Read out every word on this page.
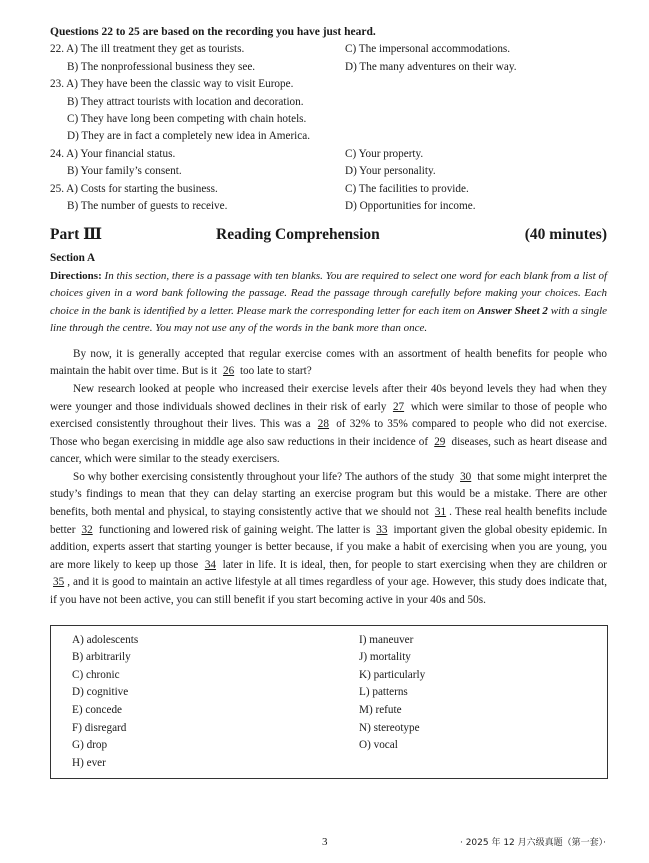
Questions 22 to 25 are based on the recording you have just heard.
22. A) The ill treatment they get as tourists.	C) The impersonal accommodations.
B) The nonprofessional business they see.	D) The many adventures on their way.
23. A) They have been the classic way to visit Europe.
B) They attract tourists with location and decoration.
C) They have long been competing with chain hotels.
D) They are in fact a completely new idea in America.
24. A) Your financial status.	C) Your property.
B) Your family’s consent.	D) Your personality.
25. A) Costs for starting the business.	C) The facilities to provide.
B) The number of guests to receive.	D) Opportunities for income.
Part Ⅲ	Reading Comprehension	(40 minutes)
Section A
Directions: In this section, there is a passage with ten blanks. You are required to select one word for each blank from a list of choices given in a word bank following the passage. Read the passage through carefully before making your choices. Each choice in the bank is identified by a letter. Please mark the corresponding letter for each item on Answer Sheet 2 with a single line through the centre. You may not use any of the words in the bank more than once.

By now, it is generally accepted that regular exercise comes with an assortment of health benefits for people who maintain the habit over time. But is it 26 too late to start?

New research looked at people who increased their exercise levels after their 40s beyond levels they had when they were younger and those individuals showed declines in their risk of early 27 which were similar to those of people who exercised consistently throughout their lives. This was a 28 of 32% to 35% compared to people who did not exercise. Those who began exercising in middle age also saw reductions in their incidence of 29 diseases, such as heart disease and cancer, which were similar to the steady exercisers.

So why bother exercising consistently throughout your life? The authors of the study 30 that some might interpret the study’s findings to mean that they can delay starting an exercise program but this would be a mistake. There are other benefits, both mental and physical, to staying consistently active that we should not 31 . These real health benefits include better 32 functioning and lowered risk of gaining weight. The latter is 33 important given the global obesity epidemic. In addition, experts assert that starting younger is better because, if you make a habit of exercising when you are young, you are more likely to keep up those 34 later in life. It is ideal, then, for people to start exercising when they are children or 35 , and it is good to maintain an active lifestyle at all times regardless of your age. However, this study does indicate that, if you have not been active, you can still benefit if you start becoming active in your 40s and 50s.

A) adolescents
B) arbitrarily
C) chronic
D) cognitive
E) concede
F) disregard
G) drop
H) ever
I) maneuver
J) mortality
K) particularly
L) patterns
M) refute
N) stereotype
O) vocal
3	· 2025 年 12 月六级真题（第一套）·
